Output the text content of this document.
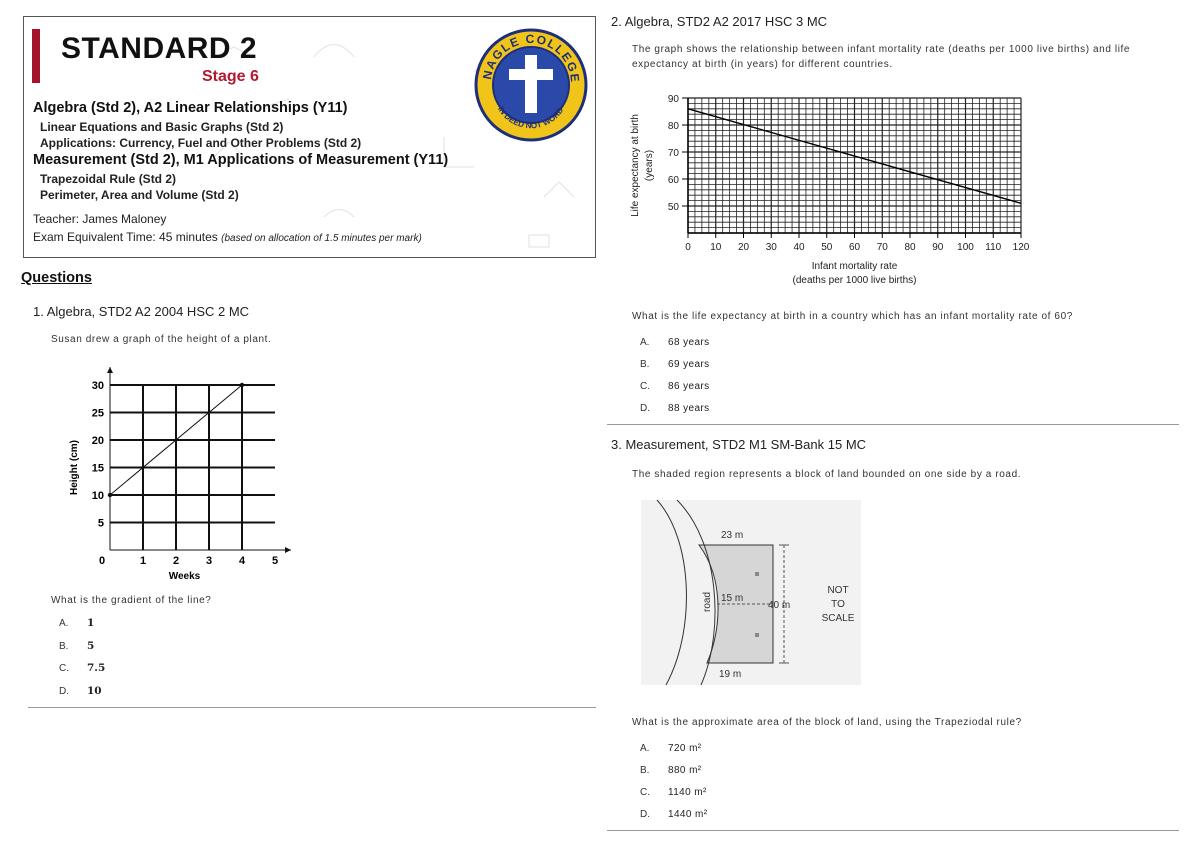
STANDARD 2
Stage 6
Algebra (Std 2), A2 Linear Relationships (Y11)
Linear Equations and Basic Graphs (Std 2)
Applications: Currency, Fuel and Other Problems (Std 2)
Measurement (Std 2), M1 Applications of Measurement (Y11)
Trapezoidal Rule (Std 2)
Perimeter, Area and Volume (Std 2)
Teacher: James Maloney
Exam Equivalent Time: 45 minutes (based on allocation of 1.5 minutes per mark)
NAGLE COLLEGE
IN DEED NOT WORD
Questions
1. Algebra, STD2 A2 2004 HSC 2 MC
Susan drew a graph of the height of a plant.
0	1 2 3 4 5
5
10
15
20
25
30
Weeks
Height (cm)
What is the gradient of the line?
A. 1
B. 5
C. 7.5
D. 10
2. Algebra, STD2 A2 2017 HSC 3 MC
The graph shows the relationship between infant mortality rate (deaths per 1000 live births) and life expectancy at birth (in years) for different countries.
50
60
70
80
90
0 10 20 30 40 50 60 70 80 90 100 110 120
Infant mortality rate
(deaths per 1000 live births)
Life expectancy at birth (years)
What is the life expectancy at birth in a country which has an infant mortality rate of 60?
A. 68 years
B. 69 years
C. 86 years
D. 88 years
3. Measurement, STD2 M1 SM-Bank 15 MC
The shaded region represents a block of land bounded on one side by a road.
23 m
15 m
19 m
40 m
road
NOT
TO
SCALE
What is the approximate area of the block of land, using the Trapeziodal rule?
A. 720 m²
B. 880 m²
C. 1140 m²
D. 1440 m²
